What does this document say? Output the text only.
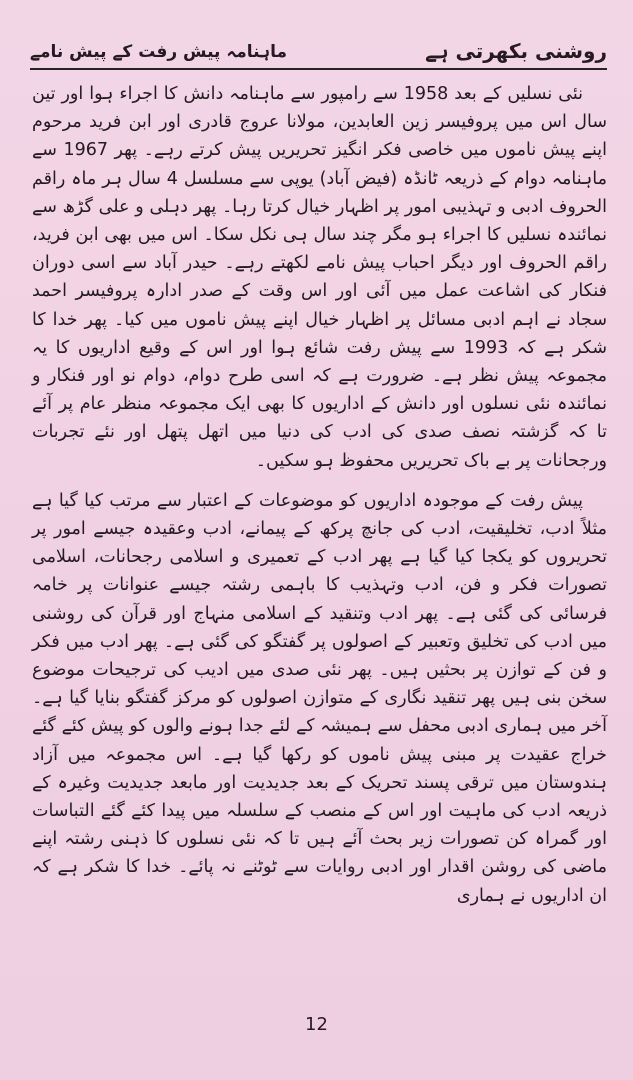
روشنی بکھرتی ہے
ماہنامہ پیش رفت کے پیش نامے

نئی نسلیں کے بعد 1958 سے رامپور سے ماہنامہ دانش کا اجراء ہوا اور تین سال اس میں پروفیسر زین العابدین، مولانا عروج قادری اور ابن فرید مرحوم اپنے پیش ناموں میں خاصی فکر انگیز تحریریں پیش کرتے رہے۔ پھر 1967 سے ماہنامہ دوام کے ذریعہ ٹانڈہ (فیض آباد) یوپی سے مسلسل 4 سال ہر ماہ راقم الحروف ادبی و تہذیبی امور پر اظہار خیال کرتا رہا۔ پھر دہلی و علی گڑھ سے نمائندہ نسلیں کا اجراء ہو مگر چند سال ہی نکل سکا۔ اس میں بھی ابن فرید، راقم الحروف اور دیگر احباب پیش نامے لکھتے رہے۔ حیدر آباد سے اسی دوران فنکار کی اشاعت عمل میں آئی اور اس وقت کے صدر ادارہ پروفیسر احمد سجاد نے اہم ادبی مسائل پر اظہار خیال اپنے پیش ناموں میں کیا۔ پھر خدا کا شکر ہے کہ 1993 سے پیش رفت شائع ہوا اور اس کے وقیع اداریوں کا یہ مجموعہ پیش نظر ہے۔ ضرورت ہے کہ اسی طرح دوام، دوام نو اور فنکار و نمائندہ نئی نسلوں اور دانش کے اداریوں کا بھی ایک مجموعہ منظر عام پر آئے تا کہ گزشتہ نصف صدی کی ادب کی دنیا میں اتھل پتھل اور نئے تجربات ورجحانات پر بے باک تحریریں محفوظ ہو سکیں۔

پیش رفت کے موجودہ اداریوں کو موضوعات کے اعتبار سے مرتب کیا گیا ہے مثلاً ادب، تخلیقیت، ادب کی جانچ پرکھ کے پیمانے، ادب وعقیدہ جیسے امور پر تحریروں کو یکجا کیا گیا ہے پھر ادب کے تعمیری و اسلامی رجحانات، اسلامی تصورات فکر و فن، ادب وتہذیب کا باہمی رشتہ جیسے عنوانات پر خامہ فرسائی کی گئی ہے۔ پھر ادب وتنقید کے اسلامی منہاج اور قرآن کی روشنی میں ادب کی تخلیق وتعبیر کے اصولوں پر گفتگو کی گئی ہے۔ پھر ادب میں فکر و فن کے توازن پر بحثیں ہیں۔ پھر نئی صدی میں ادیب کی ترجیحات موضوع سخن بنی ہیں پھر تنقید نگاری کے متوازن اصولوں کو مرکز گفتگو بنایا گیا ہے۔ آخر میں ہماری ادبی محفل سے ہمیشہ کے لئے جدا ہونے والوں کو پیش کئے گئے خراج عقیدت پر مبنی پیش ناموں کو رکھا گیا ہے۔ اس مجموعہ میں آزاد ہندوستان میں ترقی پسند تحریک کے بعد جدیدیت اور مابعد جدیدیت وغیرہ کے ذریعہ ادب کی ماہیت اور اس کے منصب کے سلسلہ میں پیدا کئے گئے التباسات اور گمراہ کن تصورات زیر بحث آئے ہیں تا کہ نئی نسلوں کا ذہنی رشتہ اپنے ماضی کی روشن اقدار اور ادبی روایات سے ٹوٹنے نہ پائے۔ خدا کا شکر ہے کہ ان اداریوں نے ہماری

12
